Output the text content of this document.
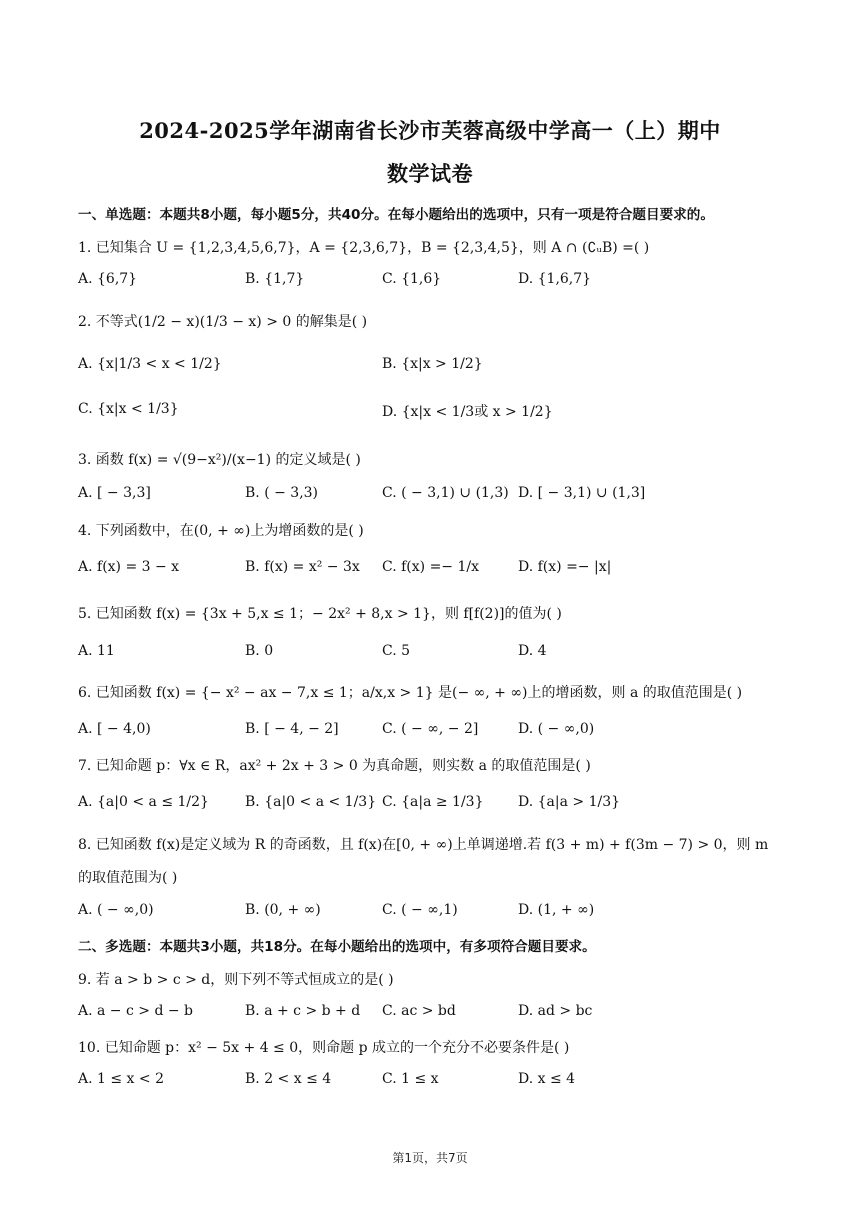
2024-2025学年湖南省长沙市芙蓉高级中学高一（上）期中
数学试卷
一、单选题：本题共8小题，每小题5分，共40分。在每小题给出的选项中，只有一项是符合题目要求的。
1. 已知集合 U = {1,2,3,4,5,6,7}，A = {2,3,6,7}，B = {2,3,4,5}，则 A ∩ (∁ᵤB) =( )
A. {6,7}	B. {1,7}	C. {1,6}	D. {1,6,7}
2. 不等式(1/2 − x)(1/3 − x) > 0 的解集是( )
A. {x|1/3 < x < 1/2}	B. {x|x > 1/2}
C. {x|x < 1/3}	D. {x|x < 1/3或 x > 1/2}
3. 函数 f(x) = √(9−x²)/(x−1) 的定义域是( )
A. [ − 3,3]	B. ( − 3,3)	C. ( − 3,1) ∪ (1,3) D. [ − 3,1) ∪ (1,3]
4. 下列函数中，在(0, + ∞)上为增函数的是( )
A. f(x) = 3 − x	B. f(x) = x² − 3x C. f(x) =− 1/x	D. f(x) =− |x|
5. 已知函数 f(x) = {3x + 5,x ≤ 1；− 2x² + 8,x > 1}，则 f[f(2)]的值为( )
A. 11	B. 0	C. 5	D. 4
6. 已知函数 f(x) = {− x² − ax − 7,x ≤ 1；a/x,x > 1} 是(− ∞, + ∞)上的增函数，则 a 的取值范围是( )
A. [ − 4,0)	B. [ − 4, − 2]	C. ( − ∞, − 2]	D. ( − ∞,0)
7. 已知命题 p：∀x ∈ R，ax² + 2x + 3 > 0 为真命题，则实数 a 的取值范围是( )
A. {a|0 < a ≤ 1/2}	B. {a|0 < a < 1/3} C. {a|a ≥ 1/3} D. {a|a > 1/3}
8. 已知函数 f(x)是定义域为 R 的奇函数，且 f(x)在[0, + ∞)上单调递增.若 f(3 + m) + f(3m − 7) > 0，则 m
的取值范围为( )
A. ( − ∞,0)	B. (0, + ∞)	C. ( − ∞,1)	D. (1, + ∞)
二、多选题：本题共3小题，共18分。在每小题给出的选项中，有多项符合题目要求。
9. 若 a > b > c > d，则下列不等式恒成立的是( )
A. a − c > d − b	B. a + c > b + d C. ac > bd	D. ad > bc
10. 已知命题 p：x² − 5x + 4 ≤ 0，则命题 p 成立的一个充分不必要条件是( )
A. 1 ≤ x < 2	B. 2 < x ≤ 4	C. 1 ≤ x	D. x ≤ 4
第1页，共7页
